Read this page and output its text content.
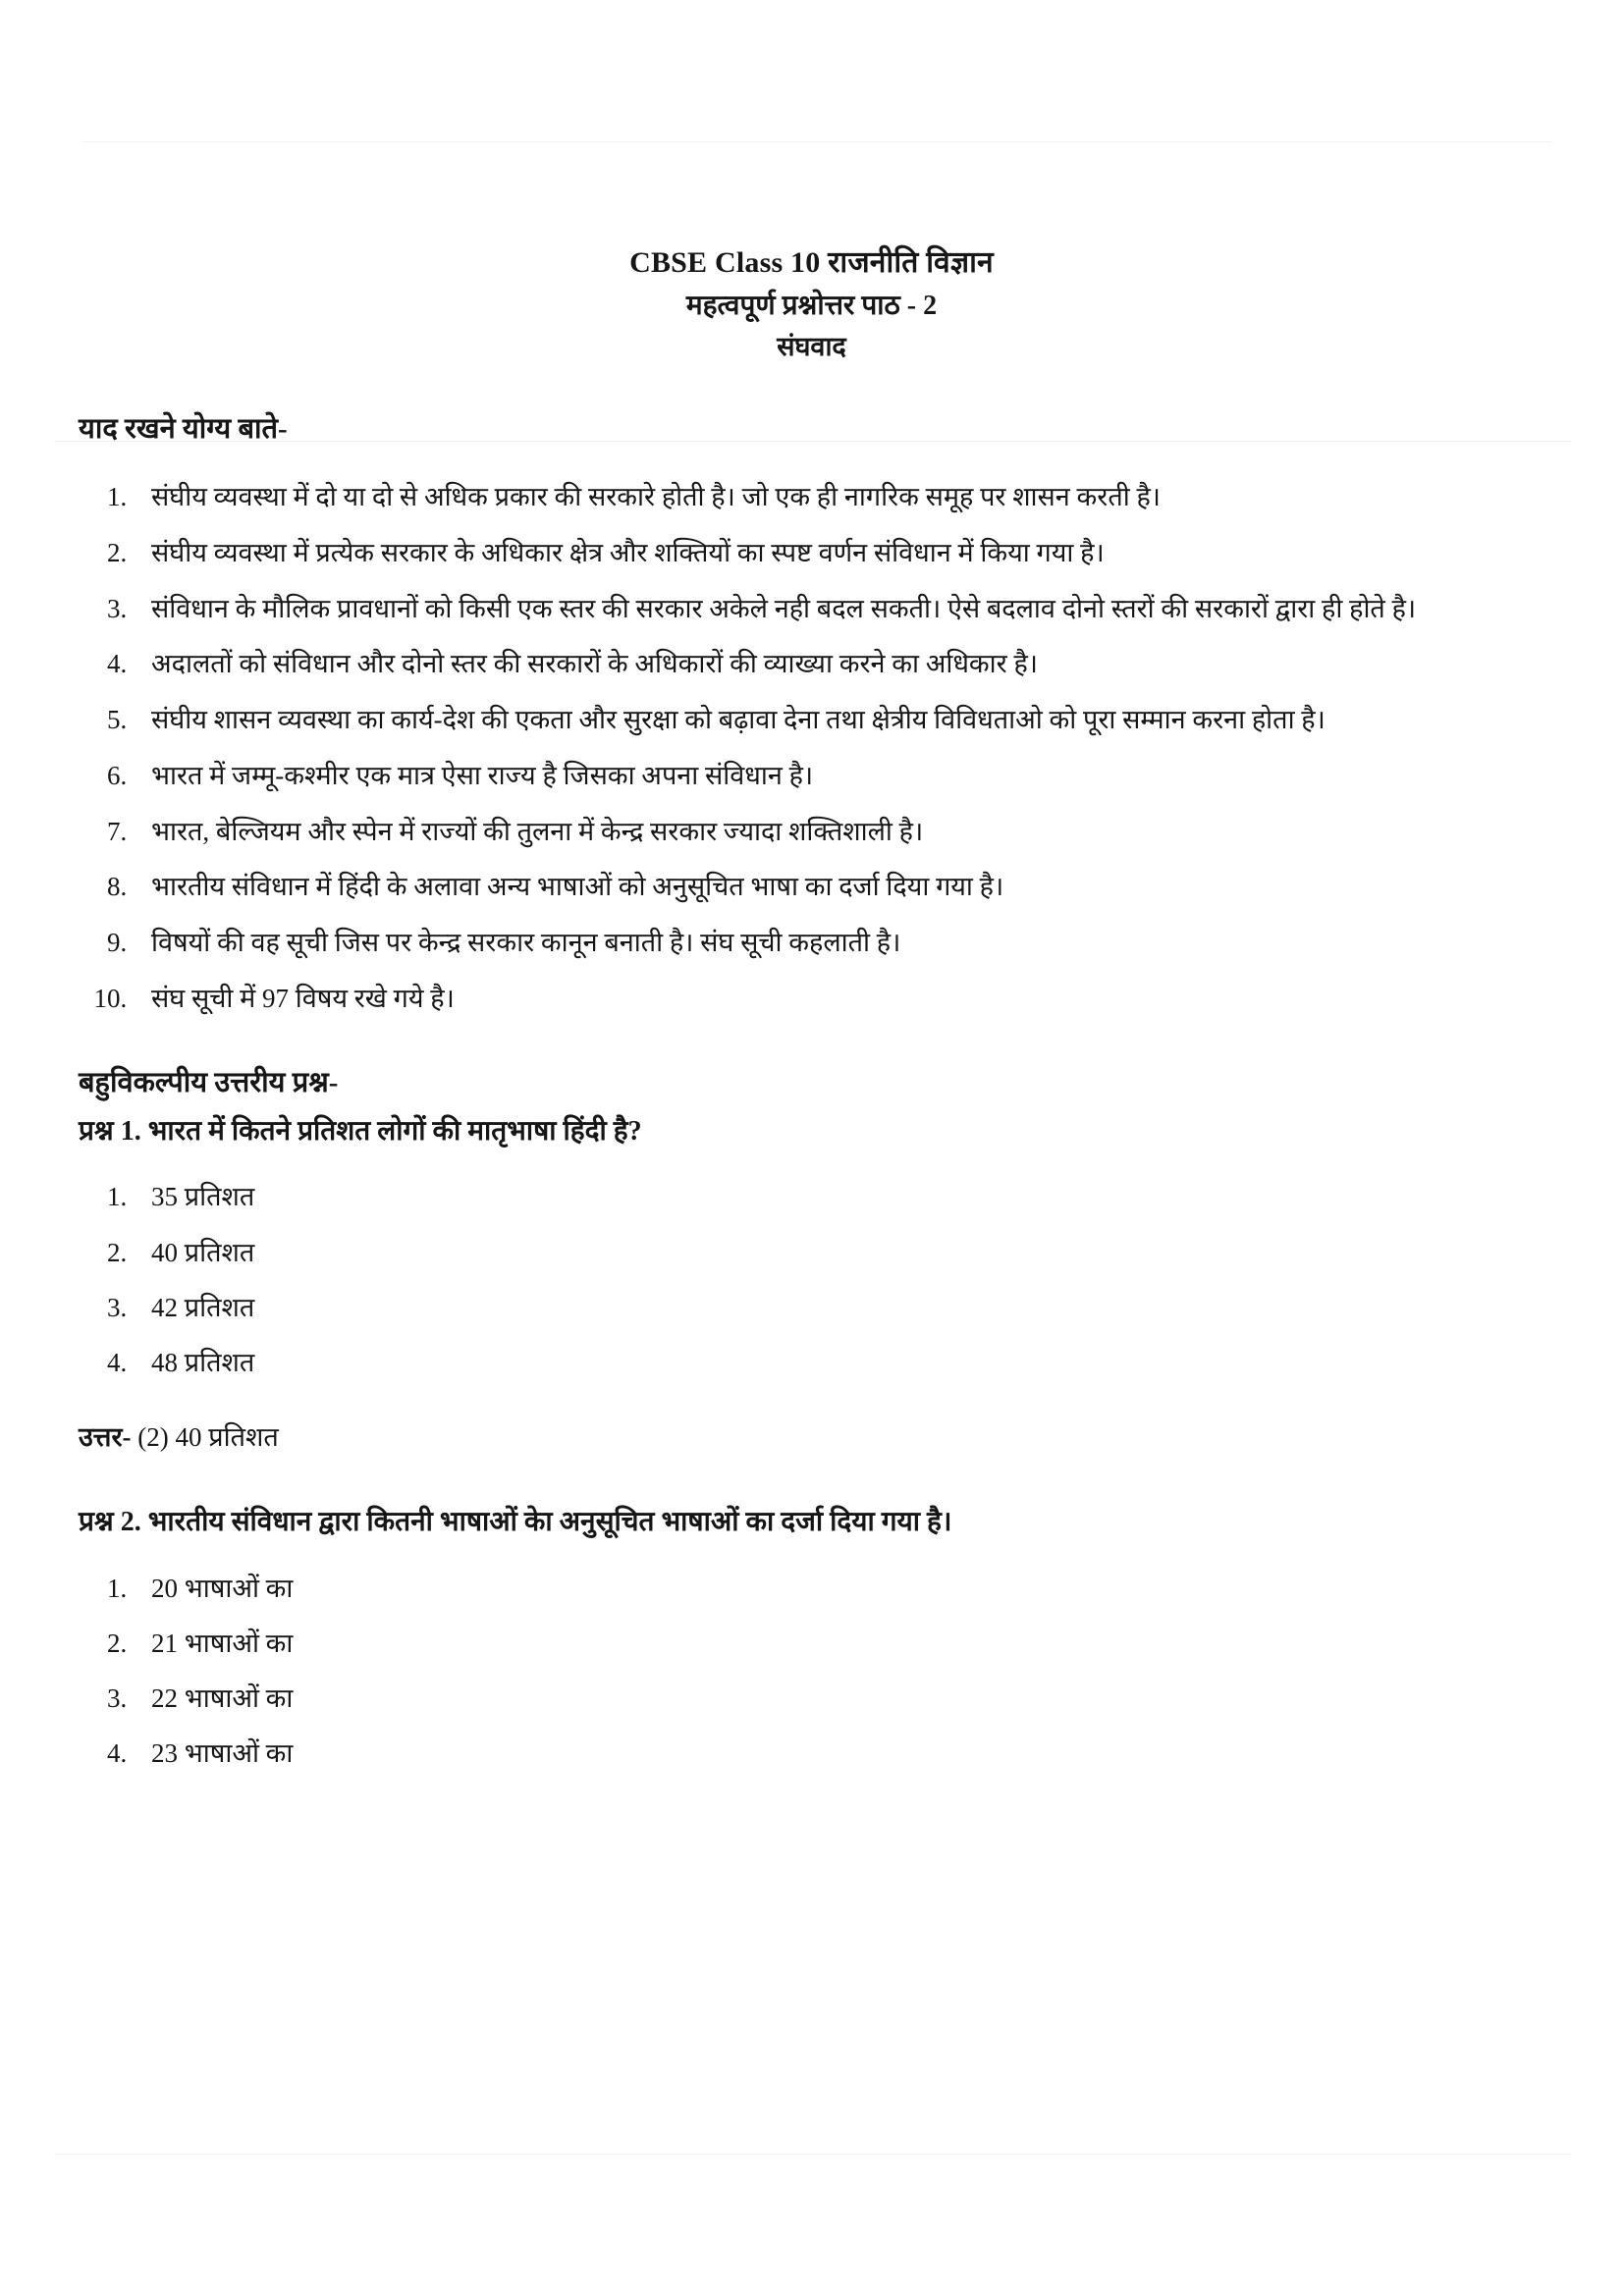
CBSE Class 10 राजनीति विज्ञान
महत्वपूर्ण प्रश्नोत्तर पाठ - 2
संघवाद
याद रखने योग्य बाते-
1. संघीय व्यवस्था में दो या दो से अधिक प्रकार की सरकारे होती है। जो एक ही नागरिक समूह पर शासन करती है।
2. संघीय व्यवस्था में प्रत्येक सरकार के अधिकार क्षेत्र और शक्तियों का स्पष्ट वर्णन संविधान में किया गया है।
3. संविधान के मौलिक प्रावधानों को किसी एक स्तर की सरकार अकेले नही बदल सकती। ऐसे बदलाव दोनो स्तरों की सरकारों द्वारा ही होते है।
4. अदालतों को संविधान और दोनो स्तर की सरकारों के अधिकारों की व्याख्या करने का अधिकार है।
5. संघीय शासन व्यवस्था का कार्य-देश की एकता और सुरक्षा को बढ़ावा देना तथा क्षेत्रीय विविधताओ को पूरा सम्मान करना होता है।
6. भारत में जम्मू-कश्मीर एक मात्र ऐसा राज्य है जिसका अपना संविधान है।
7. भारत, बेल्जियम और स्पेन में राज्यों की तुलना में केन्द्र सरकार ज्यादा शक्तिशाली है।
8. भारतीय संविधान में हिंदी के अलावा अन्य भाषाओं को अनुसूचित भाषा का दर्जा दिया गया है।
9. विषयों की वह सूची जिस पर केन्द्र सरकार कानून बनाती है। संघ सूची कहलाती है।
10. संघ सूची में 97 विषय रखे गये है।
बहुविकल्पीय उत्तरीय प्रश्न-

प्रश्न 1. भारत में कितने प्रतिशत लोगों की मातृभाषा हिंदी है?

1. 35 प्रतिशत
2. 40 प्रतिशत
3. 42 प्रतिशत
4. 48 प्रतिशत

उत्तर- (2) 40 प्रतिशत

प्रश्न 2. भारतीय संविधान द्वारा कितनी भाषाओं केा अनुसूचित भाषाओं का दर्जा दिया गया है।

1. 20 भाषाओं का
2. 21 भाषाओं का
3. 22 भाषाओं का
4. 23 भाषाओं का
